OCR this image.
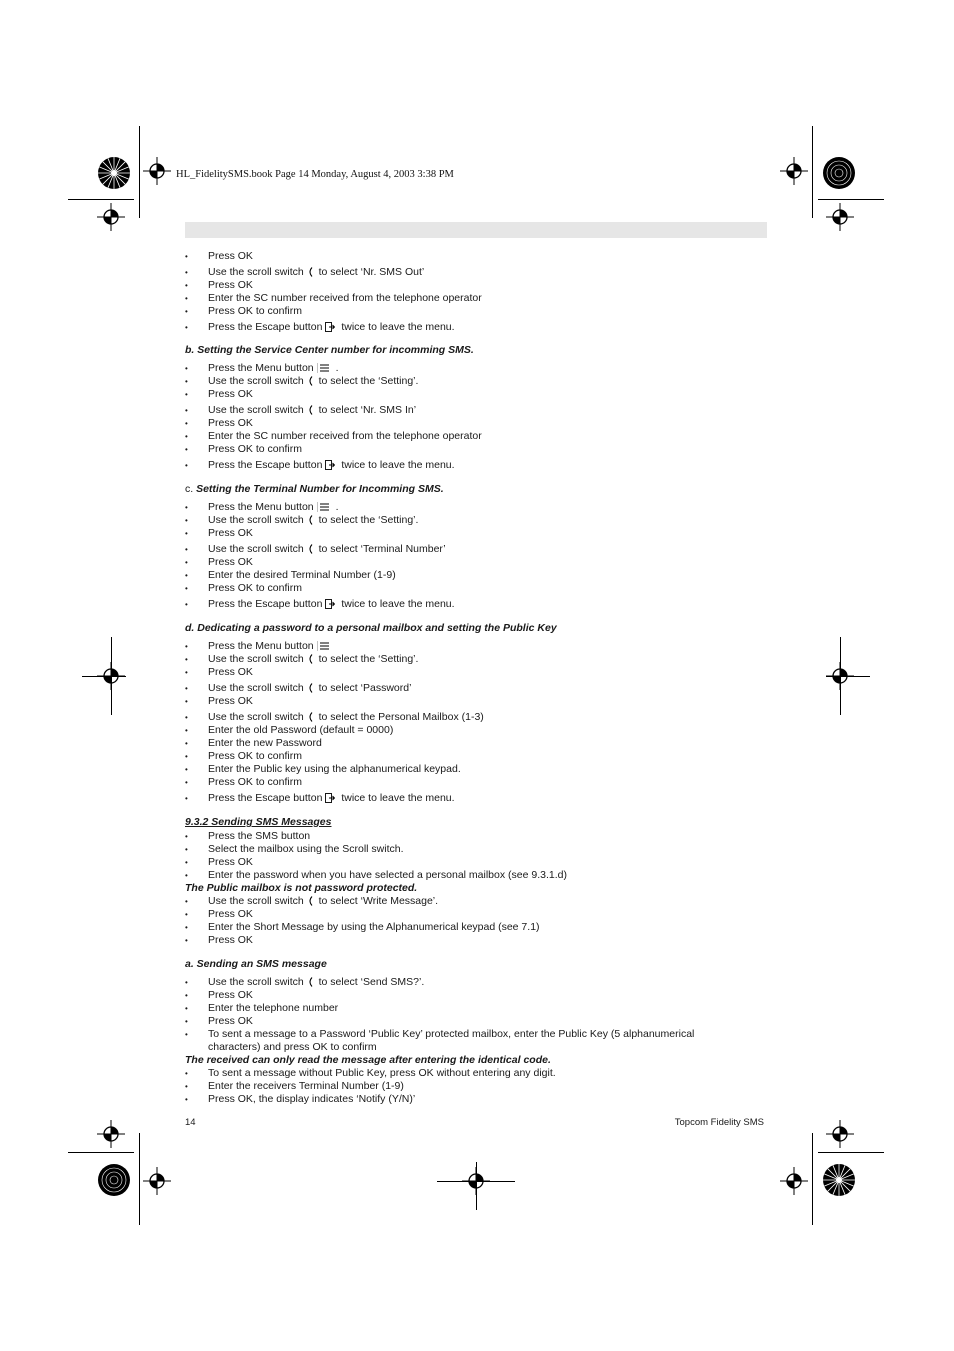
HL_FidelitySMS.book Page 14 Monday, August 4, 2003 3:38 PM
• Press OK
• Use the scroll switch to select ‘Nr. SMS Out’
• Press OK
• Enter the SC number received from the telephone operator
• Press OK to confirm
• Press the Escape button twice to leave the menu.
b. Setting the Service Center number for incomming SMS.
• Press the Menu button .
• Use the scroll switch to select the ‘Setting’.
• Press OK
• Use the scroll switch to select ‘Nr. SMS In’
• Press OK
• Enter the SC number received from the telephone operator
• Press OK to confirm
• Press the Escape button twice to leave the menu.
c. Setting the Terminal Number for Incomming SMS.
• Press the Menu button .
• Use the scroll switch to select the ‘Setting’.
• Press OK
• Use the scroll switch to select ‘Terminal Number’
• Press OK
• Enter the desired Terminal Number (1-9)
• Press OK to confirm
• Press the Escape button twice to leave the menu.
d. Dedicating a password to a personal mailbox and setting the Public Key
• Press the Menu button
• Use the scroll switch to select the ‘Setting’.
• Press OK
• Use the scroll switch to select ‘Password’
• Press OK
• Use the scroll switch to select the Personal Mailbox (1-3)
• Enter the old Password (default = 0000)
• Enter the new Password
• Press OK to confirm
• Enter the Public key using the alphanumerical keypad.
• Press OK to confirm
• Press the Escape button twice to leave the menu.
9.3.2 Sending SMS Messages
• Press the SMS button
• Select the mailbox using the Scroll switch.
• Press OK
• Enter the password when you have selected a personal mailbox (see 9.3.1.d)
The Public mailbox is not password protected.
• Use the scroll switch to select ‘Write Message’.
• Press OK
• Enter the Short Message by using the Alphanumerical keypad (see 7.1)
• Press OK
a. Sending an SMS message
• Use the scroll switch to select ‘Send SMS?’.
• Press OK
• Enter the telephone number
• Press OK
• To sent a message to a Password ‘Public Key’ protected mailbox, enter the Public Key (5 alphanumerical characters) and press OK to confirm
The received can only read the message after entering the identical code.
• To sent a message without Public Key, press OK without entering any digit.
• Enter the receivers Terminal Number (1-9)
• Press OK, the display indicates ‘Notify (Y/N)’
14	Topcom Fidelity SMS
